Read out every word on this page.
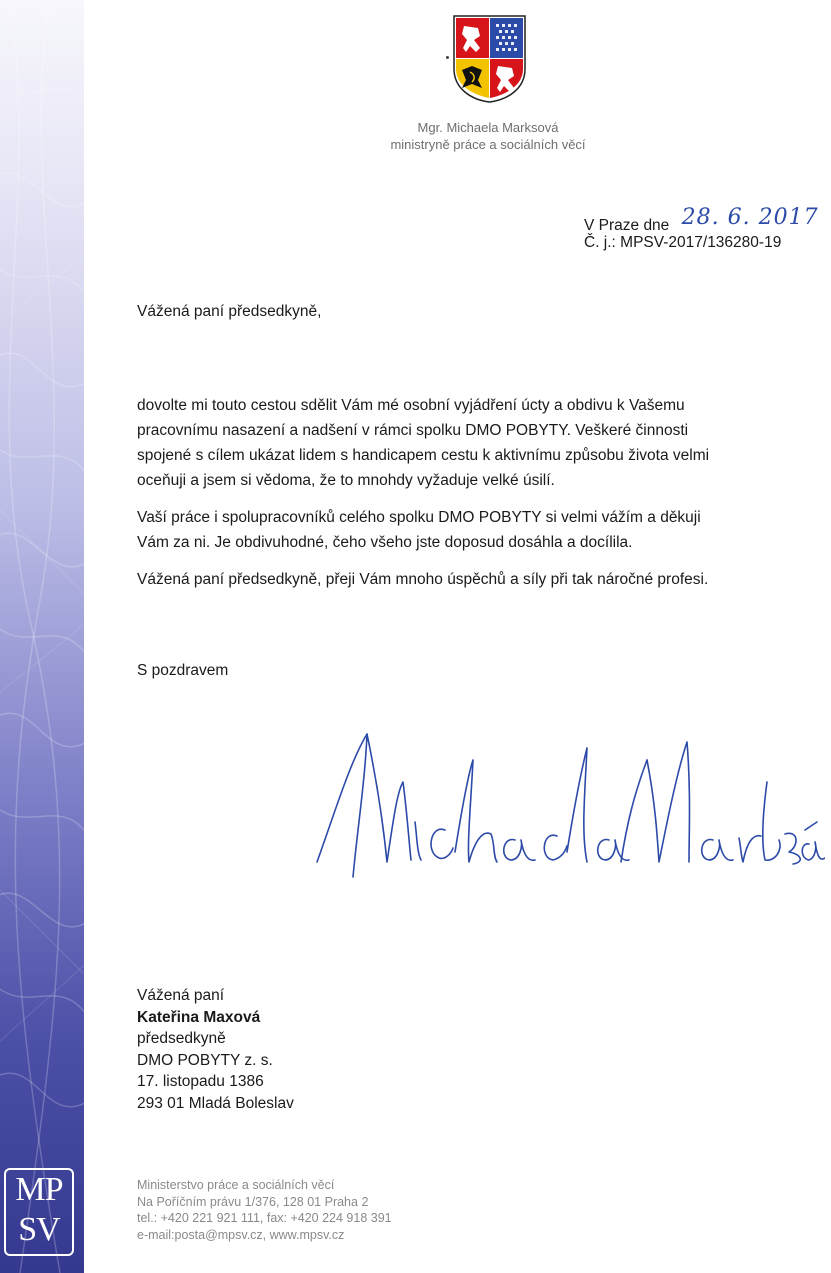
MP
SV
Mgr. Michaela Marksová
ministryně práce a sociálních věcí
V Praze dne 28. 6. 2017
Č. j.: MPSV-2017/136280-19
Vážená paní předsedkyně,

dovolte mi touto cestou sdělit Vám mé osobní vyjádření úcty a obdivu k Vašemu
pracovnímu nasazení a nadšení v rámci spolku DMO POBYTY. Veškeré činnosti
spojené s cílem ukázat lidem s handicapem cestu k aktivnímu způsobu života velmi
oceňuji a jsem si vědoma, že to mnohdy vyžaduje velké úsilí.

Vaší práce i spolupracovníků celého spolku DMO POBYTY si velmi vážím a děkuji
Vám za ni. Je obdivuhodné, čeho všeho jste doposud dosáhla a docílila.

Vážená paní předsedkyně, přeji Vám mnoho úspěchů a síly při tak náročné profesi.

S pozdravem
Vážená paní
Kateřina Maxová
předsedkyně
DMO POBYTY z. s.
17. listopadu 1386
293 01 Mladá Boleslav
Ministerstvo práce a sociálních věcí
Na Poříčním právu 1/376, 128 01 Praha 2
tel.: +420 221 921 111, fax: +420 224 918 391
e-mail:posta@mpsv.cz, www.mpsv.cz
